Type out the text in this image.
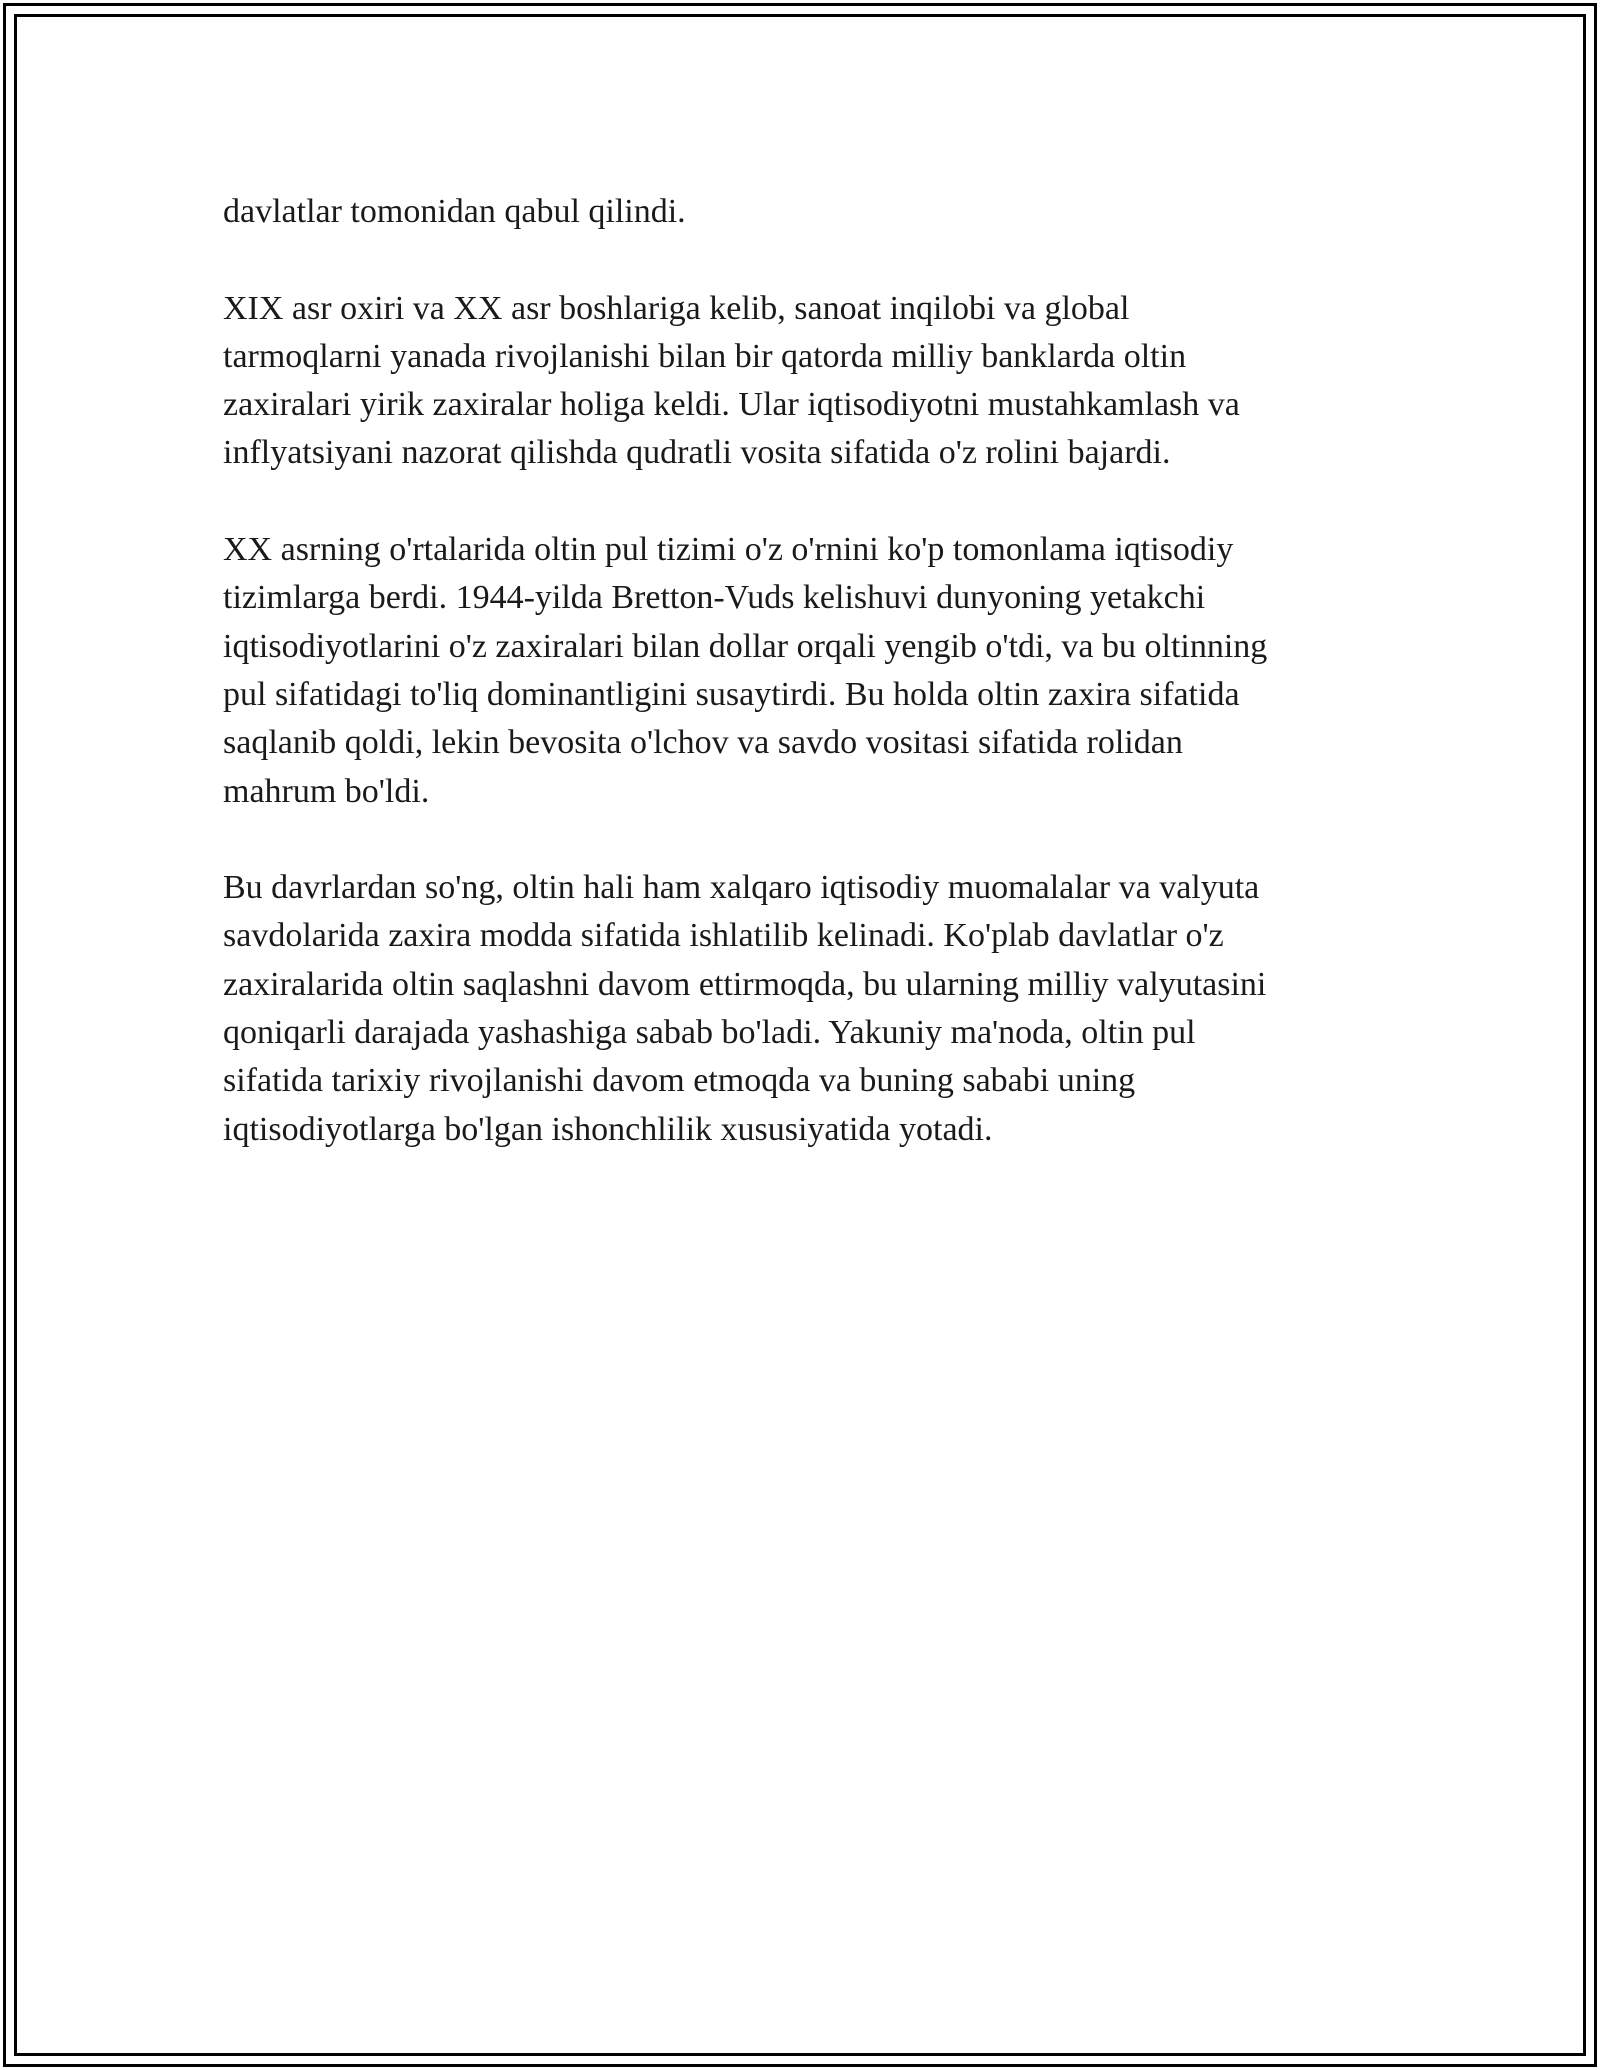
davlatlar tomonidan qabul qilindi.

XIX asr oxiri va XX asr boshlariga kelib, sanoat inqilobi va global
tarmoqlarni yanada rivojlanishi bilan bir qatorda milliy banklarda oltin
zaxiralari yirik zaxiralar holiga keldi. Ular iqtisodiyotni mustahkamlash va
inflyatsiyani nazorat qilishda qudratli vosita sifatida o'z rolini bajardi.

XX asrning o'rtalarida oltin pul tizimi o'z o'rnini ko'p tomonlama iqtisodiy
tizimlarga berdi. 1944-yilda Bretton-Vuds kelishuvi dunyoning yetakchi
iqtisodiyotlarini o'z zaxiralari bilan dollar orqali yengib o'tdi, va bu oltinning
pul sifatidagi to'liq dominantligini susaytirdi. Bu holda oltin zaxira sifatida
saqlanib qoldi, lekin bevosita o'lchov va savdo vositasi sifatida rolidan
mahrum bo'ldi.

Bu davrlardan so'ng, oltin hali ham xalqaro iqtisodiy muomalalar va valyuta
savdolarida zaxira modda sifatida ishlatilib kelinadi. Ko'plab davlatlar o'z
zaxiralarida oltin saqlashni davom ettirmoqda, bu ularning milliy valyutasini
qoniqarli darajada yashashiga sabab bo'ladi. Yakuniy ma'noda, oltin pul
sifatida tarixiy rivojlanishi davom etmoqda va buning sababi uning
iqtisodiyotlarga bo'lgan ishonchlilik xususiyatida yotadi.
